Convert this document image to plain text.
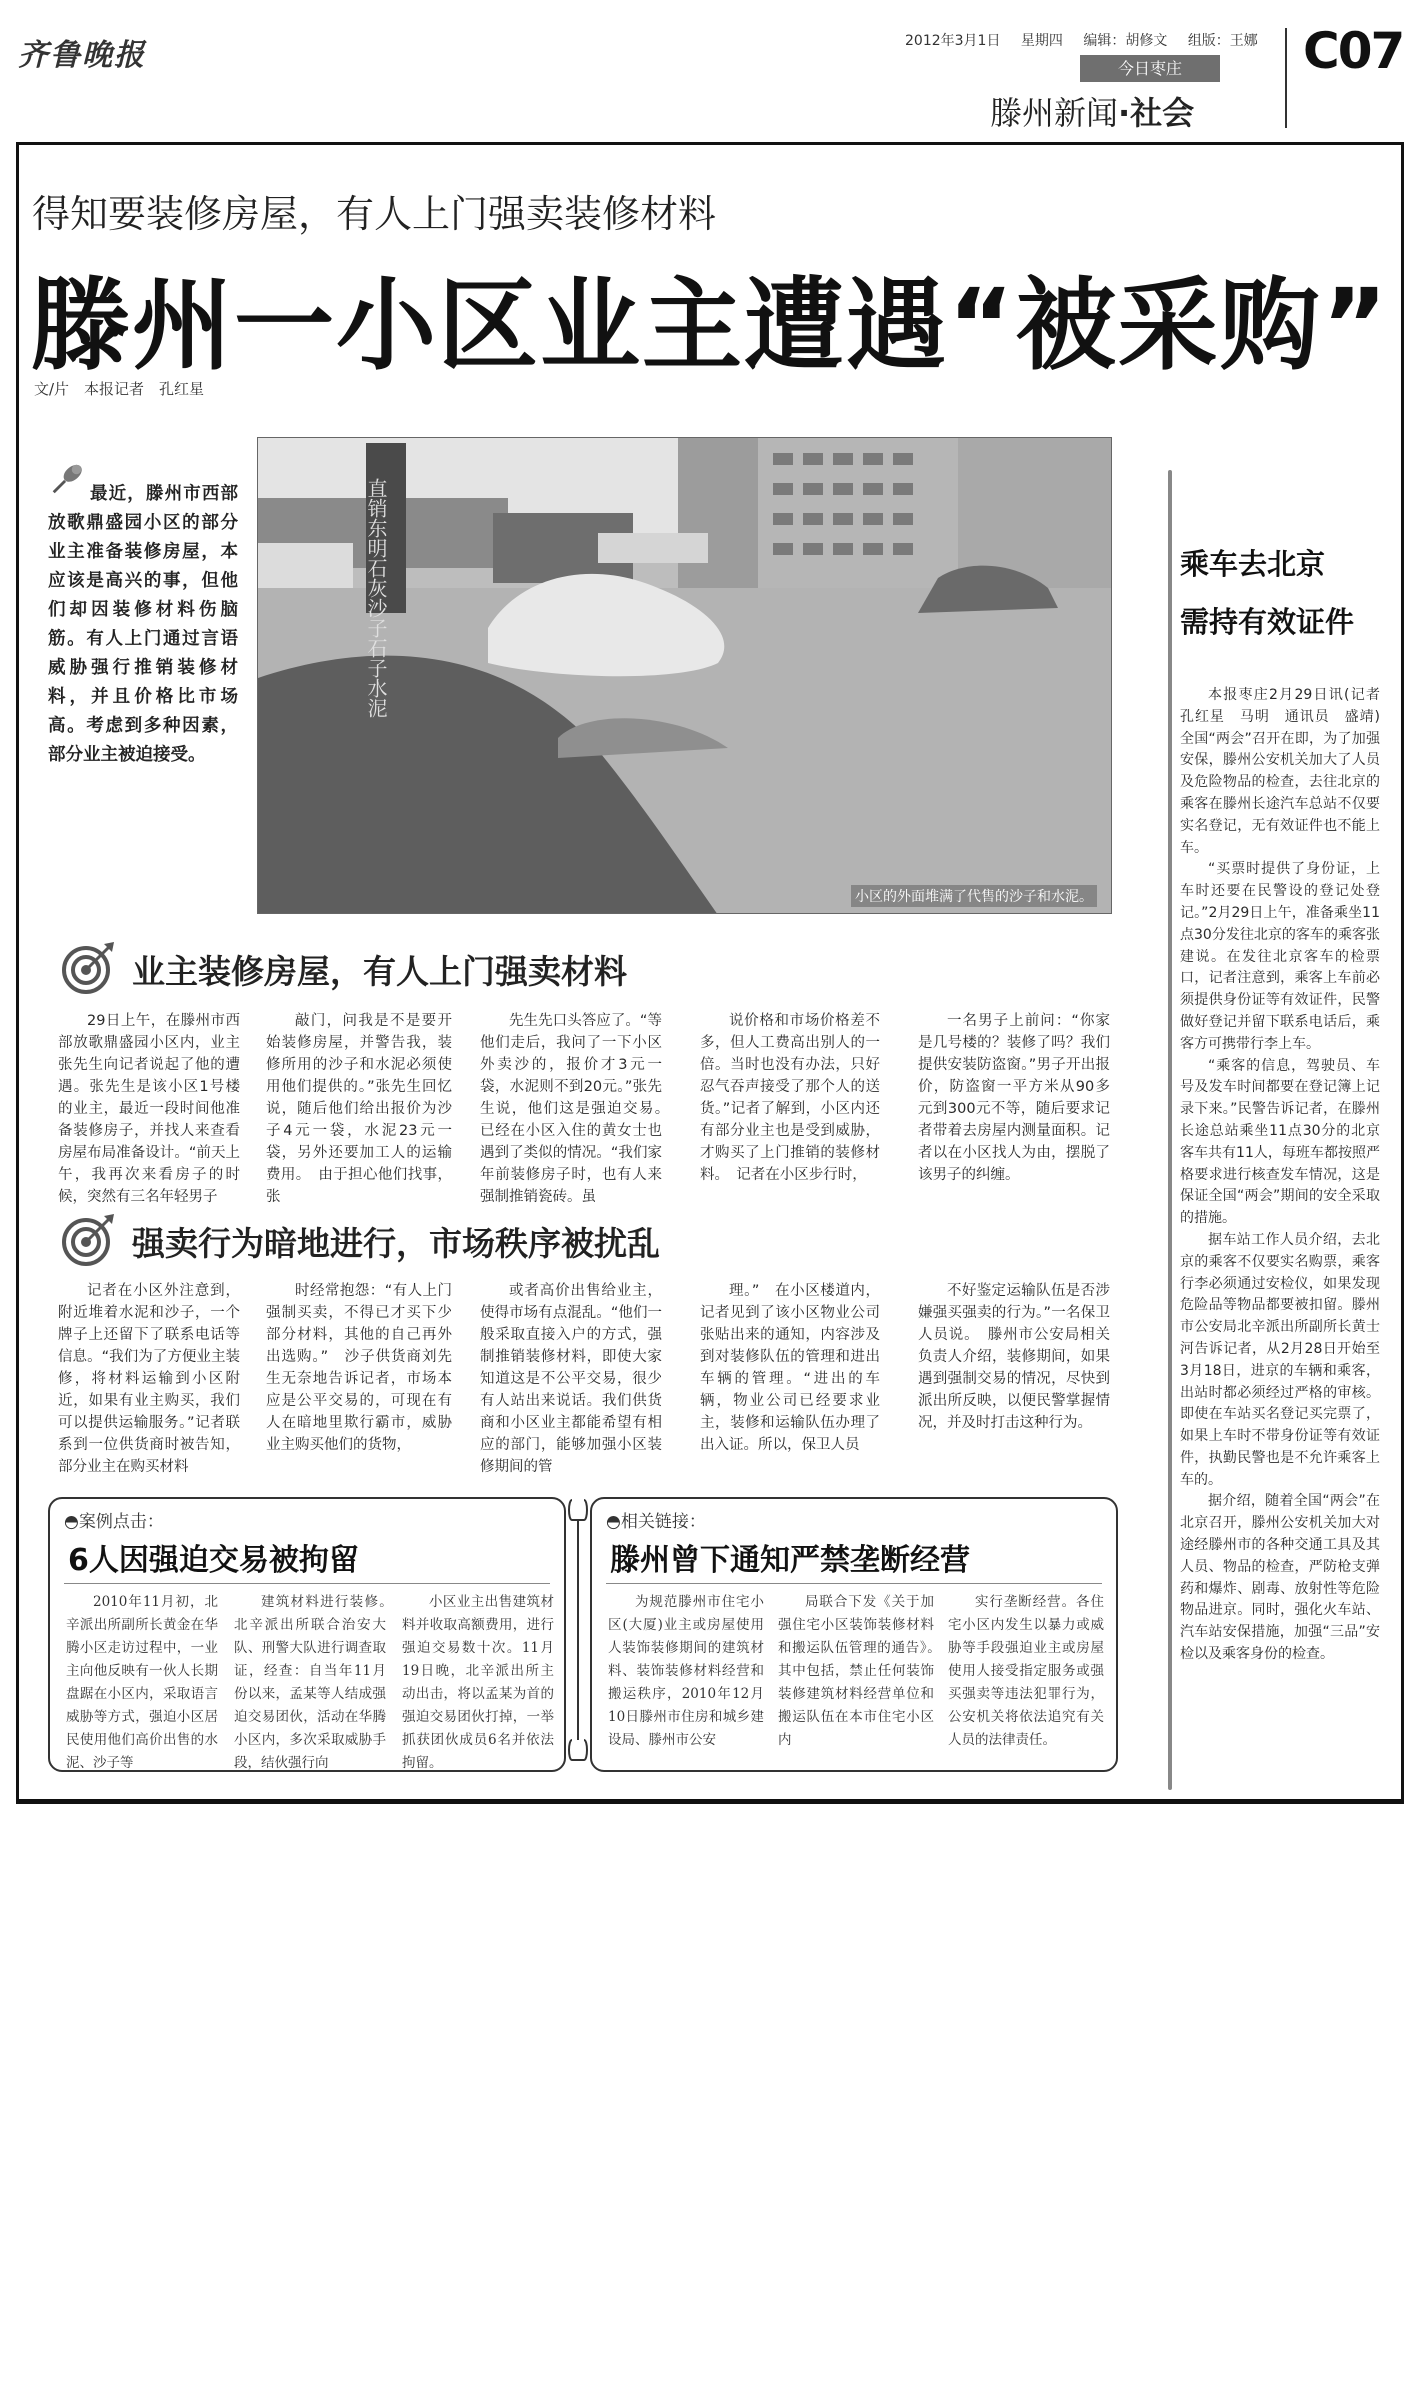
齐鲁晚报	2012年3月1日 星期四 编辑：胡修文 组版：王娜
今日枣庄
滕州新闻·社会
C07
得知要装修房屋，有人上门强卖装修材料
滕州一小区业主遭遇“被采购”
文/片　本报记者　孔红星
最近，滕州市西部放歌鼎盛园小区的部分业主准备装修房屋，本应该是高兴的事，但他们却因装修材料伤脑筋。有人上门通过言语威胁强行推销装修材料，并且价格比市场高。考虑到多种因素，部分业主被迫接受。
直销东明石灰沙子石子水泥
小区的外面堆满了代售的沙子和水泥。
业主装修房屋，有人上门强卖材料

29日上午，在滕州市西部放歌鼎盛园小区内，业主张先生向记者说起了他的遭遇。张先生是该小区1号楼的业主，最近一段时间他准备装修房子，并找人来查看房屋布局准备设计。“前天上午，我再次来看房子的时候，突然有三名年轻男子

敲门，问我是不是要开始装修房屋，并警告我，装修所用的沙子和水泥必须使用他们提供的。”张先生回忆说，随后他们给出报价为沙子4元一袋，水泥23元一袋，另外还要加工人的运输费用。　由于担心他们找事，张

先生先口头答应了。“等他们走后，我问了一下小区外卖沙的，报价才3元一袋，水泥则不到20元。”张先生说，他们这是强迫交易。　已经在小区入住的黄女士也遇到了类似的情况。“我们家年前装修房子时，也有人来强制推销瓷砖。虽

说价格和市场价格差不多，但人工费高出别人的一倍。当时也没有办法，只好忍气吞声接受了那个人的送货。”记者了解到，小区内还有部分业主也是受到威胁，才购买了上门推销的装修材料。　记者在小区步行时，

一名男子上前问：“你家是几号楼的？装修了吗？我们提供安装防盗窗。”男子开出报价，防盗窗一平方米从90多元到300元不等，随后要求记者带着去房屋内测量面积。记者以在小区找人为由，摆脱了该男子的纠缠。

强卖行为暗地进行，市场秩序被扰乱

记者在小区外注意到，附近堆着水泥和沙子，一个牌子上还留下了联系电话等信息。“我们为了方便业主装修，将材料运输到小区附近，如果有业主购买，我们可以提供运输服务。”记者联系到一位供货商时被告知，部分业主在购买材料

时经常抱怨：“有人上门强制买卖，不得已才买下少部分材料，其他的自己再外出选购。”　沙子供货商刘先生无奈地告诉记者，市场本应是公平交易的，可现在有人在暗地里欺行霸市，威胁业主购买他们的货物，

或者高价出售给业主，使得市场有点混乱。“他们一般采取直接入户的方式，强制推销装修材料，即使大家知道这是不公平交易，很少有人站出来说话。我们供货商和小区业主都能希望有相应的部门，能够加强小区装修期间的管

理。”　在小区楼道内，记者见到了该小区物业公司张贴出来的通知，内容涉及到对装修队伍的管理和进出车辆的管理。“进出的车辆，物业公司已经要求业主，装修和运输队伍办理了出入证。所以，保卫人员

不好鉴定运输队伍是否涉嫌强买强卖的行为。”一名保卫人员说。　滕州市公安局相关负责人介绍，装修期间，如果遇到强制交易的情况，尽快到派出所反映，以便民警掌握情况，并及时打击这种行为。

◓案例点击：
6人因强迫交易被拘留

2010年11月初，北辛派出所副所长黄金在华腾小区走访过程中，一业主向他反映有一伙人长期盘踞在小区内，采取语言威胁等方式，强迫小区居民使用他们高价出售的水泥、沙子等

建筑材料进行装修。　北辛派出所联合治安大队、刑警大队进行调查取证，经查：自当年11月份以来，孟某等人结成强迫交易团伙，活动在华腾小区内，多次采取威胁手段，结伙强行向

小区业主出售建筑材料并收取高额费用，进行强迫交易数十次。11月19日晚，北辛派出所主动出击，将以孟某为首的强迫交易团伙打掉，一举抓获团伙成员6名并依法拘留。

◓相关链接：
滕州曾下通知严禁垄断经营

为规范滕州市住宅小区(大厦)业主或房屋使用人装饰装修期间的建筑材料、装饰装修材料经营和搬运秩序，2010年12月10日滕州市住房和城乡建设局、滕州市公安

局联合下发《关于加强住宅小区装饰装修材料和搬运队伍管理的通告》。　其中包括，禁止任何装饰装修建筑材料经营单位和搬运队伍在本市住宅小区内

实行垄断经营。各住宅小区内发生以暴力或威胁等手段强迫业主或房屋使用人接受指定服务或强买强卖等违法犯罪行为，公安机关将依法追究有关人员的法律责任。

乘车去北京
需持有效证件

本报枣庄2月29日讯(记者　孔红星　马明　通讯员　盛靖)全国“两会”召开在即，为了加强安保，滕州公安机关加大了人员及危险物品的检查，去往北京的乘客在滕州长途汽车总站不仅要实名登记，无有效证件也不能上车。

“买票时提供了身份证，上车时还要在民警设的登记处登记。”2月29日上午，准备乘坐11点30分发往北京的客车的乘客张建说。在发往北京客车的检票口，记者注意到，乘客上车前必须提供身份证等有效证件，民警做好登记并留下联系电话后，乘客方可携带行李上车。

“乘客的信息，驾驶员、车号及发车时间都要在登记簿上记录下来。”民警告诉记者，在滕州长途总站乘坐11点30分的北京客车共有11人，每班车都按照严格要求进行核查发车情况，这是保证全国“两会”期间的安全采取的措施。

据车站工作人员介绍，去北京的乘客不仅要实名购票，乘客行李必须通过安检仪，如果发现危险品等物品都要被扣留。滕州市公安局北辛派出所副所长黄士河告诉记者，从2月28日开始至3月18日，进京的车辆和乘客，出站时都必须经过严格的审核。即使在车站买名登记买完票了，如果上车时不带身份证等有效证件，执勤民警也是不允许乘客上车的。

据介绍，随着全国“两会”在北京召开，滕州公安机关加大对途经滕州市的各种交通工具及其人员、物品的检查，严防枪支弹药和爆炸、剧毒、放射性等危险物品进京。同时，强化火车站、汽车站安保措施，加强“三品”安检以及乘客身份的检查。
